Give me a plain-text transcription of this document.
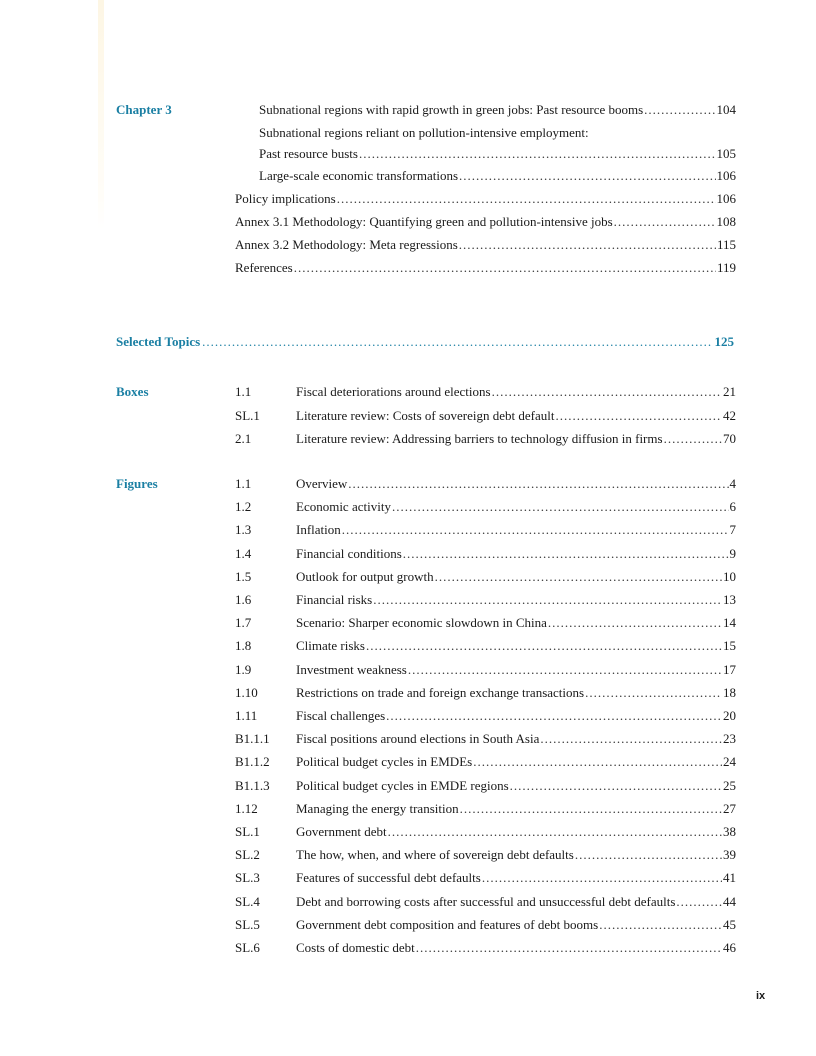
Chapter 3	Subnational regions with rapid growth in green jobs: Past resource booms .....	104
Subnational regions reliant on pollution-intensive employment:
Past resource busts .....	105
Large-scale economic transformations .....	106
Policy implications .....	106
Annex 3.1 Methodology: Quantifying green and pollution-intensive jobs .....	108
Annex 3.2 Methodology: Meta regressions .....	115
References .....	119
Selected Topics .....	125
Boxes	1.1	Fiscal deteriorations around elections .....	21
SL.1	Literature review: Costs of sovereign debt default .....	42
2.1	Literature review: Addressing barriers to technology diffusion in firms .....	70
Figures	1.1	Overview .....	4
1.2	Economic activity .....	6
1.3	Inflation .....	7
1.4	Financial conditions .....	9
1.5	Outlook for output growth .....	10
1.6	Financial risks .....	13
1.7	Scenario: Sharper economic slowdown in China .....	14
1.8	Climate risks .....	15
1.9	Investment weakness .....	17
1.10	Restrictions on trade and foreign exchange transactions .....	18
1.11	Fiscal challenges .....	20
B1.1.1 Fiscal positions around elections in South Asia .....	23
B1.1.2 Political budget cycles in EMDEs .....	24
B1.1.3 Political budget cycles in EMDE regions .....	25
1.12	Managing the energy transition .....	27
SL.1	Government debt .....	38
SL.2	The how, when, and where of sovereign debt defaults .....	39
SL.3	Features of successful debt defaults .....	41
SL.4	Debt and borrowing costs after successful and unsuccessful debt defaults .....	44
SL.5	Government debt composition and features of debt booms .....	45
SL.6	Costs of domestic debt .....	46
ix
